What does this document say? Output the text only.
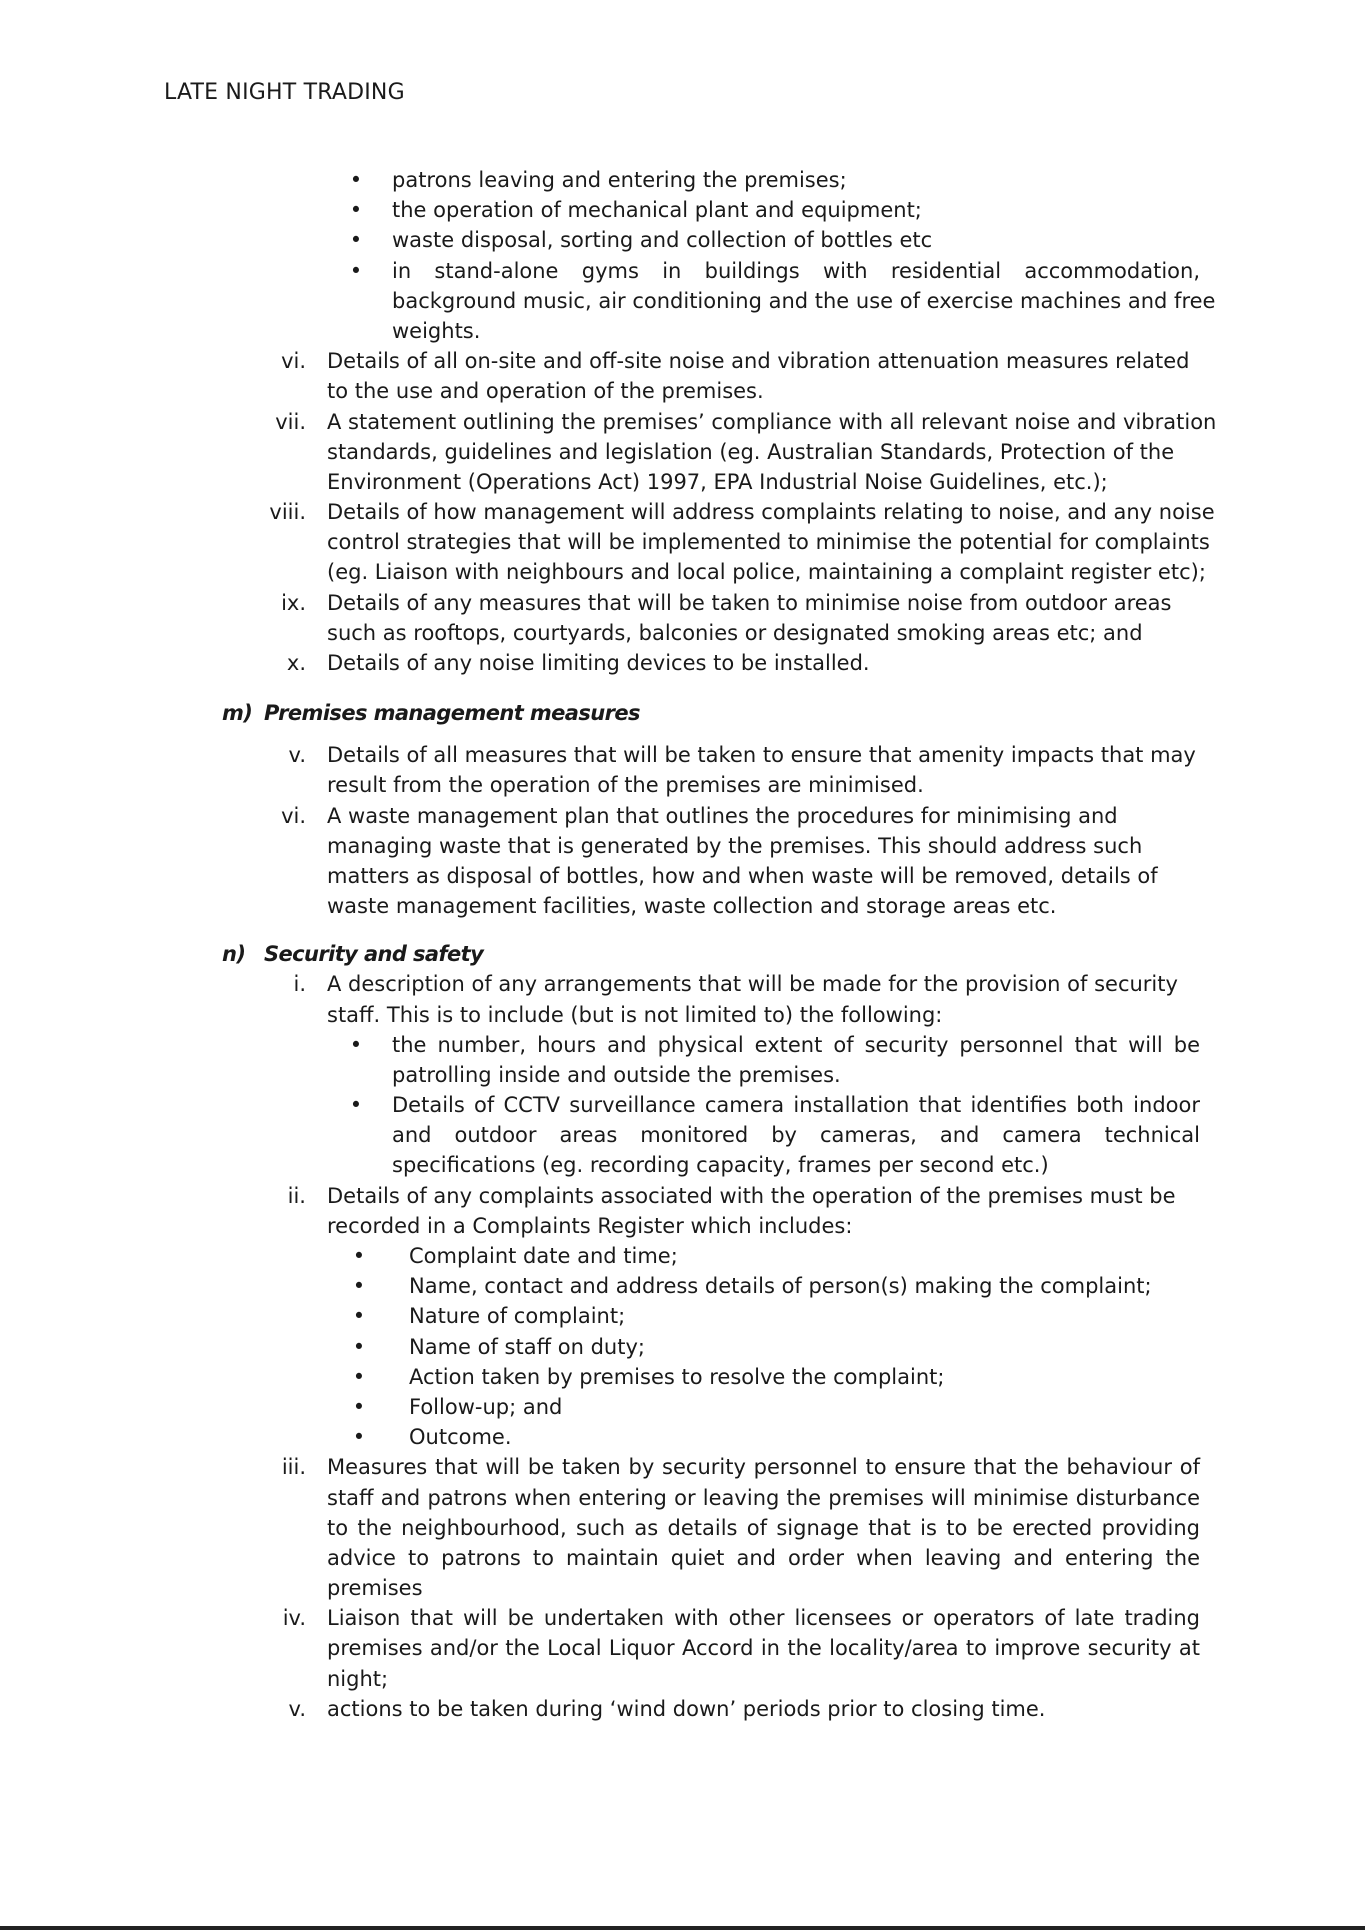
LATE NIGHT TRADING
• patrons leaving and entering the premises;
• the operation of mechanical plant and equipment;
• waste disposal, sorting and collection of bottles etc
• in stand-alone gyms in buildings with residential accommodation,
background music, air conditioning and the use of exercise machines and free
weights.
vi. Details of all on-site and off-site noise and vibration attenuation measures related
to the use and operation of the premises.
vii. A statement outlining the premises’ compliance with all relevant noise and vibration
standards, guidelines and legislation (eg. Australian Standards, Protection of the
Environment (Operations Act) 1997, EPA Industrial Noise Guidelines, etc.);
viii. Details of how management will address complaints relating to noise, and any noise
control strategies that will be implemented to minimise the potential for complaints
(eg. Liaison with neighbours and local police, maintaining a complaint register etc);
ix. Details of any measures that will be taken to minimise noise from outdoor areas
such as rooftops, courtyards, balconies or designated smoking areas etc; and
x. Details of any noise limiting devices to be installed.
m) Premises management measures
v. Details of all measures that will be taken to ensure that amenity impacts that may
result from the operation of the premises are minimised.
vi. A waste management plan that outlines the procedures for minimising and
managing waste that is generated by the premises. This should address such
matters as disposal of bottles, how and when waste will be removed, details of
waste management facilities, waste collection and storage areas etc.
n) Security and safety
i. A description of any arrangements that will be made for the provision of security
staff. This is to include (but is not limited to) the following:
• the number, hours and physical extent of security personnel that will be
patrolling inside and outside the premises.
• Details of CCTV surveillance camera installation that identifies both indoor
and outdoor areas monitored by cameras, and camera technical
specifications (eg. recording capacity, frames per second etc.)
ii. Details of any complaints associated with the operation of the premises must be
recorded in a Complaints Register which includes:
• Complaint date and time;
• Name, contact and address details of person(s) making the complaint;
• Nature of complaint;
• Name of staff on duty;
• Action taken by premises to resolve the complaint;
• Follow-up; and
• Outcome.
iii. Measures that will be taken by security personnel to ensure that the behaviour of
staff and patrons when entering or leaving the premises will minimise disturbance
to the neighbourhood, such as details of signage that is to be erected providing
advice to patrons to maintain quiet and order when leaving and entering the
premises
iv. Liaison that will be undertaken with other licensees or operators of late trading
premises and/or the Local Liquor Accord in the locality/area to improve security at
night;
v. actions to be taken during ‘wind down’ periods prior to closing time.
